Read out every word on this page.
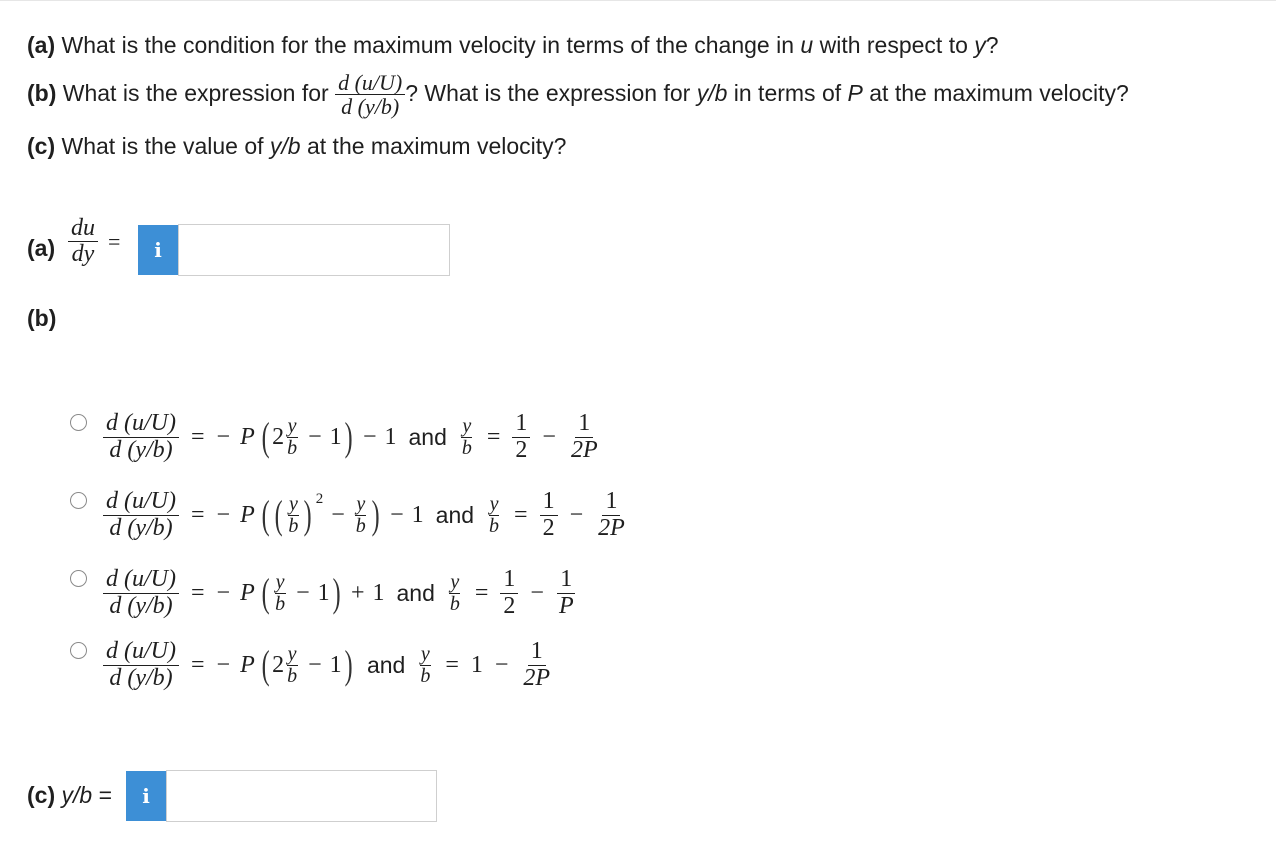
(a) What is the condition for the maximum velocity in terms of the change in u with respect to y?
(b) What is the expression for $\frac{d (u/U)}{d (y/b)}$ ? What is the expression for y/b in terms of P at the maximum velocity?
(c) What is the value of y/b at the maximum velocity?
$(a) \frac{du}{dy}$ =	i
(b)
$\frac{d (u/U)}{d (y/b)}$ = − P ( $2 \frac{y}{b} - 1$ ) − 1 and $\frac{y}{b} = \frac{1}{2} - \frac{1}{2P}$
$\frac{d (u/U)}{d (y/b)}$ = − P ( ( $\frac{y}{b}$ ) 2
− $\frac{y}{b}$ ) − 1 and $\frac{y}{b} = \frac{1}{2} - \frac{1}{2P}$
$\frac{d (u/U)}{d (y/b)}$ = − P ( $\frac{y}{b} - 1$ ) + 1 and $\frac{y}{b} = \frac{1}{2} - \frac{1}{P}$
$\frac{d (u/U)}{d (y/b)}$ = − P ( $2 \frac{y}{b} - 1$ ) and $\frac{y}{b} = 1 - \frac{1}{2P}$
(c) y/b =	i
